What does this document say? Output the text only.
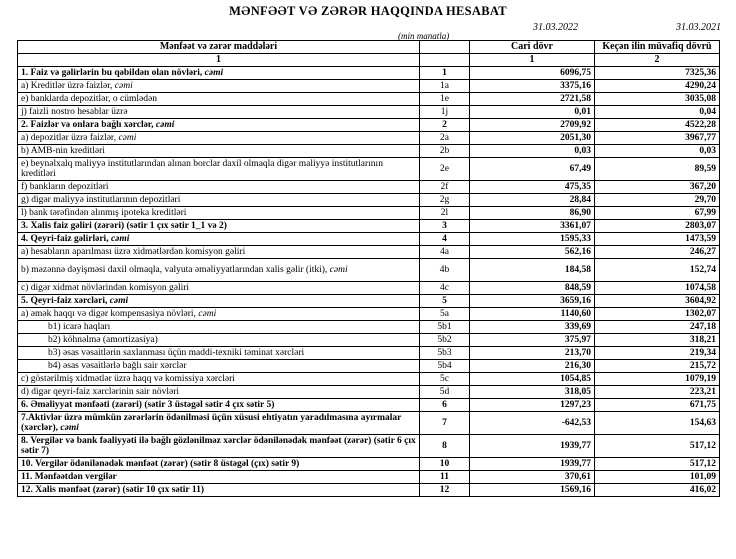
MƏNFƏƏT VƏ ZƏRƏR HAQQINDA HESABAT
31.03.2022	31.03.2021
(min manatla)
Mənfəət və zərər maddələri		Cari dövr	Keçən ilin müvafiq dövrü
1		1	2
1. Faiz və gəlirlərin bu qəbildən olan növləri, cəmi	1	6096,75	7325,36
a) Kreditlər üzrə faizlər, cəmi	1a	3375,16	4290,24
e) banklarda depozitlər, o cümlədən	1e	2721,58	3035,08
j) faizli nostro hesablar üzrə	1j	0,01	0,04
2. Faizlər və onlara bağlı xərclər, cəmi	2	2709,92	4522,28
a) depozitlər üzrə faizlər, cəmi	2a	2051,30	3967,77
b) AMB-nin kreditləri	2b	0,03	0,03
e) beynəlxalq maliyyə institutlarından alınan borclar daxil olmaqla digər maliyyə institutlarının kreditləri	2e	67,49	89,59
f) bankların depozitləri	2f	475,35	367,20
g) digər maliyyə institutlarının depozitləri	2g	28,84	29,70
l) bank tərəfindən alınmış ipoteka kreditləri	2l	86,90	67,99
3. Xalis faiz gəliri (zərəri) (sətir 1 çıx sətir 1_1 və 2)	3	3361,07	2803,07
4. Qeyri-faiz gəlirləri, cəmi	4	1595,33	1473,59
a) hesabların aparılması üzrə xidmətlərdən komisyon gəliri	4a	562,16	246,27
b) məzənnə dəyişməsi daxil olmaqla, valyuta əməliyyatlarından xalis gəlir (itki), cəmi	4b	184,58	152,74
c) digər xidmət növlərindən komisyon gəliri	4c	848,59	1074,58
5. Qeyri-faiz xərcləri, cəmi	5	3659,16	3604,92
a) əmək haqqı və digər kompensasiya növləri, cəmi	5a	1140,60	1302,07
b1) icarə haqları	5b1	339,69	247,18
b2) köhnəlmə (amortizasiya)	5b2	375,97	318,21
b3) əsas vəsaitlərin saxlanması üçün maddi-texniki təminat xərcləri	5b3	213,70	219,34
b4) əsas vəsaitlərlə bağlı sair xərclər	5b4	216,30	215,72
c) göstərilmiş xidmətlər üzrə haqq və komissiya xərcləri	5c	1054,85	1079,19
d) digər qeyri-faiz xərclərinin sair növləri	5d	318,05	223,21
6. Əməliyyat mənfəəti (zərəri) (sətir 3 üstəgəl sətir 4 çıx sətir 5)	6	1297,23	671,75
7.Aktivlər üzrə mümkün zərərlərin ödənilməsi üçün xüsusi ehtiyatın yaradılmasına ayırmalar (xərclər), cəmi	7	-642,53	154,63
8. Vergilər və bank fəaliyyəti ilə bağlı gözlənilməz xərclər ödənilənədək mənfəət (zərər) (sətir 6 çıx sətir 7)	8	1939,77	517,12
10. Vergilər ödənilənədək mənfəət (zərər) (sətir 8 üstəgəl (çıx) sətir 9)	10	1939,77	517,12
11. Mənfəətdən vergilər	11	370,61	101,09
12. Xalis mənfəət (zərər) (sətir 10 çıx sətir 11)	12	1569,16	416,02
